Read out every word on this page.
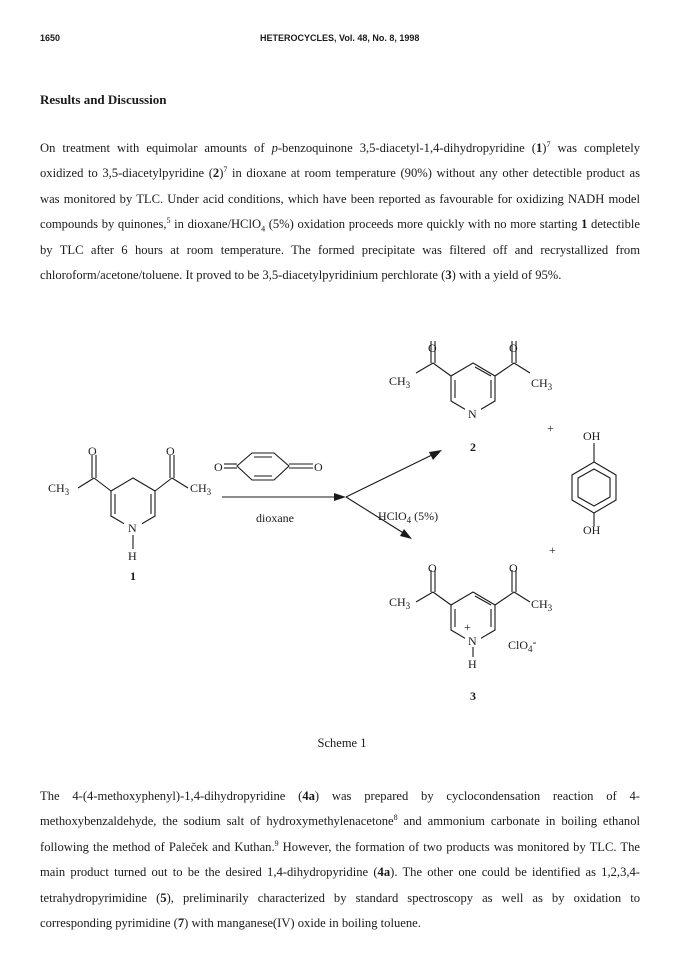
1650	HETEROCYCLES, Vol. 48, No. 8, 1998
Results and Discussion

On treatment with equimolar amounts of p-benzoquinone 3,5-diacetyl-1,4-dihydropyridine $(1)^7$ was completely oxidized to 3,5-diacetylpyridine $(2)^7$ in dioxane at room temperature (90%) without any other detectible product as was monitored by TLC. Under acid conditions, which have been reported as favourable for oxidizing NADH model compounds by quinones,$^5$ in dioxane/HClO$_4$ (5%) oxidation proceeds more quickly with no more starting 1 detectible by TLC after 6 hours at room temperature. The formed precipitate was filtered off and recrystallized from chloroform/acetone/toluene. It proved to be 3,5-diacetylpyridinium perchlorate (3) with a yield of 95%.

O	O
$CH_3$	$CH_3$
N
H
1
O	O
dioxane	HClO$_4$ (5%)
O	O
$CH_3$	$CH_3$
N
2
+
OH
OH
+
O	O
$CH_3$	$CH_3$
+
N
H
ClO$_4$-
3
Scheme 1

The 4-(4-methoxyphenyl)-1,4-dihydropyridine (4a) was prepared by cyclocondensation reaction of 4-methoxybenzaldehyde, the sodium salt of hydroxymethylenacetone$^8$ and ammonium carbonate in boiling ethanol following the method of Paleček and Kuthan.$^9$ However, the formation of two products was monitored by TLC. The main product turned out to be the desired 1,4-dihydropyridine (4a). The other one could be identified as 1,2,3,4-tetrahydropyrimidine (5), preliminarily characterized by standard spectroscopy as well as by oxidation to corresponding pyrimidine (7) with manganese(IV) oxide in boiling toluene.
